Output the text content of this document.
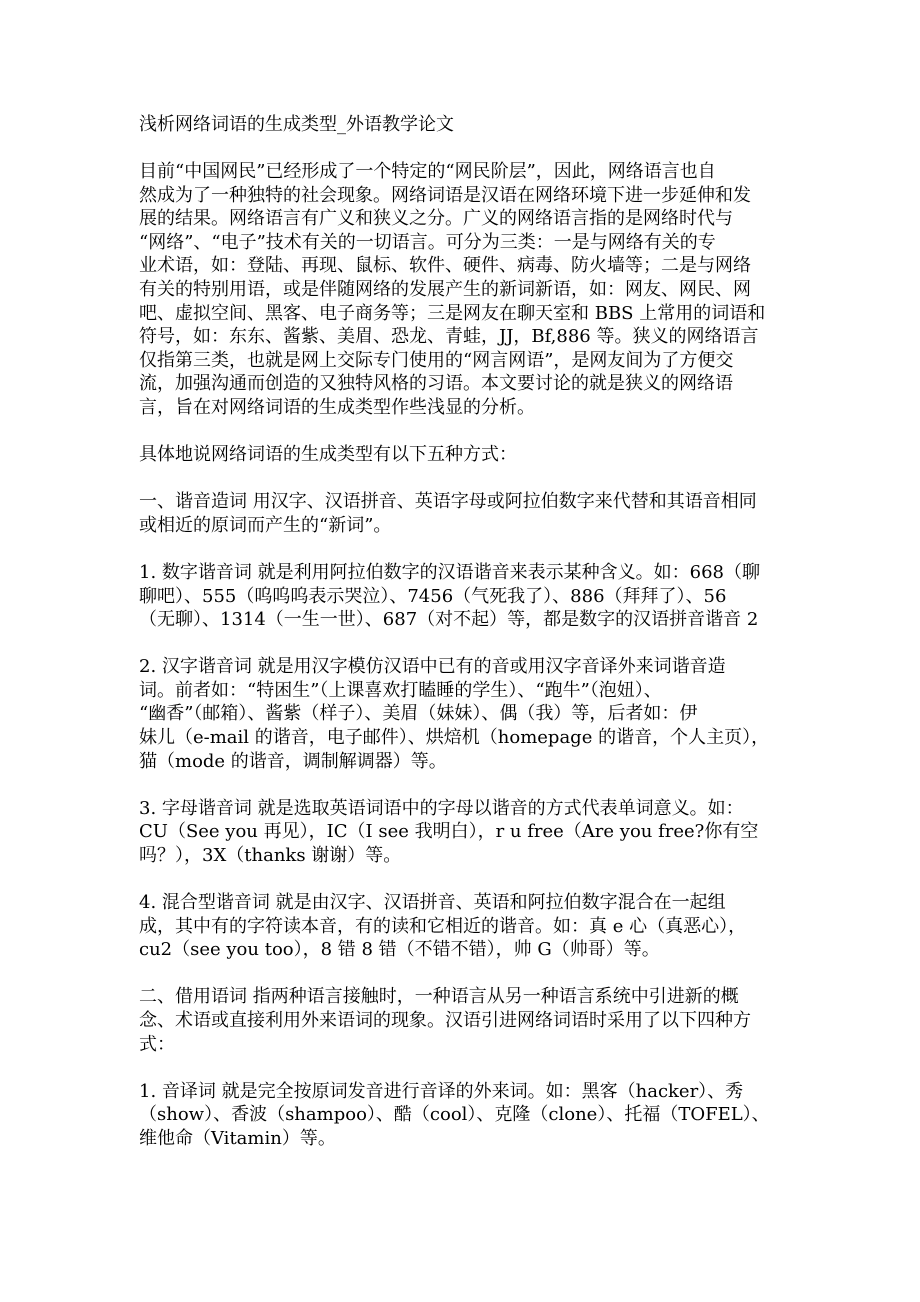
浅析网络词语的生成类型_外语教学论文
目前“中国网民”已经形成了一个特定的“网民阶层”，因此，网络语言也自
然成为了一种独特的社会现象。网络词语是汉语在网络环境下进一步延伸和发
展的结果。网络语言有广义和狭义之分。广义的网络语言指的是网络时代与
“网络”、“电子”技术有关的一切语言。可分为三类：一是与网络有关的专
业术语，如：登陆、再现、鼠标、软件、硬件、病毒、防火墙等；二是与网络
有关的特别用语，或是伴随网络的发展产生的新词新语，如：网友、网民、网
吧、虚拟空间、黑客、电子商务等；三是网友在聊天室和 BBS 上常用的词语和
符号，如：东东、酱紫、美眉、恐龙、青蛙，JJ，Bf,886 等。狭义的网络语言
仅指第三类，也就是网上交际专门使用的“网言网语”，是网友间为了方便交
流，加强沟通而创造的又独特风格的习语。本文要讨论的就是狭义的网络语
言，旨在对网络词语的生成类型作些浅显的分析。
具体地说网络词语的生成类型有以下五种方式：
一、谐音造词 用汉字、汉语拼音、英语字母或阿拉伯数字来代替和其语音相同
或相近的原词而产生的“新词”。
1. 数字谐音词 就是利用阿拉伯数字的汉语谐音来表示某种含义。如：668（聊
聊吧）、555（呜呜呜表示哭泣）、7456（气死我了）、886（拜拜了）、56
（无聊）、1314（一生一世）、687（对不起）等，都是数字的汉语拼音谐音 2
2. 汉字谐音词 就是用汉字模仿汉语中已有的音或用汉字音译外来词谐音造
词。前者如：“特困生”（上课喜欢打瞌睡的学生）、“跑牛”（泡妞）、
“幽香”（邮箱）、酱紫（样子）、美眉（妹妹）、偶（我）等，后者如：伊
妹儿（e-mail 的谐音，电子邮件）、烘焙机（homepage 的谐音，个人主页），
猫（mode 的谐音，调制解调器）等。
3. 字母谐音词 就是选取英语词语中的字母以谐音的方式代表单词意义。如：
CU（See you 再见），IC（I see 我明白），r u free（Are you free?你有空
吗？），3X（thanks 谢谢）等。
4. 混合型谐音词 就是由汉字、汉语拼音、英语和阿拉伯数字混合在一起组
成，其中有的字符读本音，有的读和它相近的谐音。如：真 e 心（真恶心），
cu2（see you too），8 错 8 错（不错不错），帅 G（帅哥）等。
二、借用语词 指两种语言接触时，一种语言从另一种语言系统中引进新的概
念、术语或直接利用外来语词的现象。汉语引进网络词语时采用了以下四种方
式：
1. 音译词 就是完全按原词发音进行音译的外来词。如：黑客（hacker）、秀
（show）、香波（shampoo）、酷（cool）、克隆（clone）、托福（TOFEL）、
维他命（Vitamin）等。
